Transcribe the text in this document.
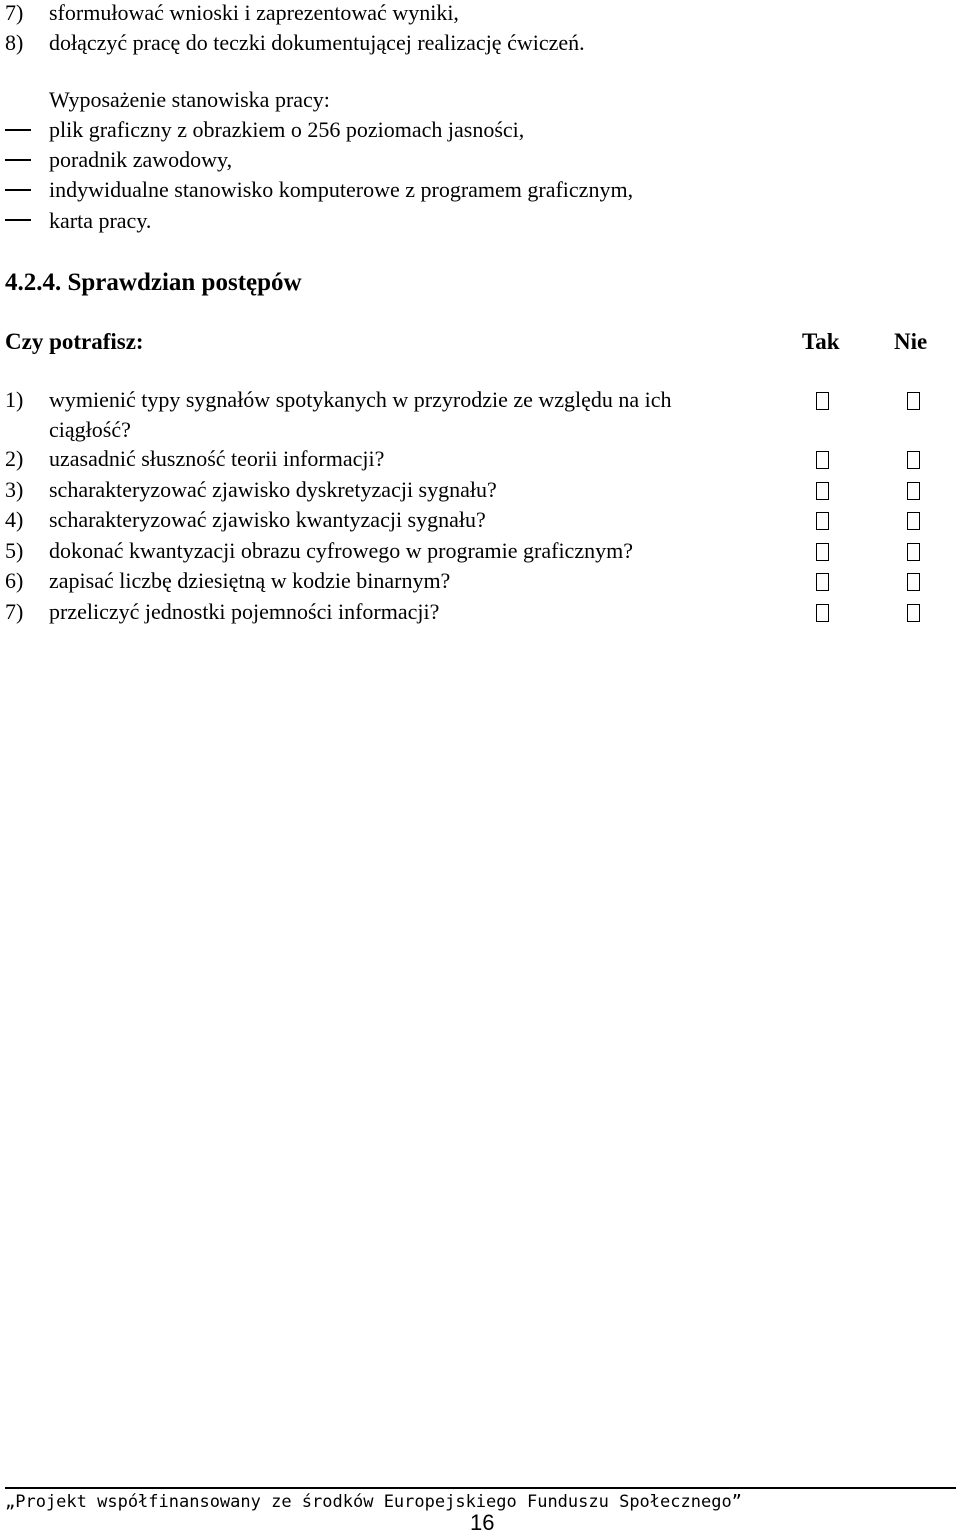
7) sformułować wnioski i zaprezentować wyniki,
8) dołączyć pracę do teczki dokumentującej realizację ćwiczeń.
Wyposażenie stanowiska pracy:
plik graficzny z obrazkiem o 256 poziomach jasności,
poradnik zawodowy,
indywidualne stanowisko komputerowe z programem graficznym,
karta pracy.
4.2.4. Sprawdzian postępów
Czy potrafisz:	Tak Nie
1) wymienić typy sygnałów spotykanych w przyrodzie ze względu na ich
ciągłość?
2) uzasadnić słuszność teorii informacji?
3) scharakteryzować zjawisko dyskretyzacji sygnału?
4) scharakteryzować zjawisko kwantyzacji sygnału?
5) dokonać kwantyzacji obrazu cyfrowego w programie graficznym?
6) zapisać liczbę dziesiętną w kodzie binarnym?
7) przeliczyć jednostki pojemności informacji?
„Projekt współfinansowany ze środków Europejskiego Funduszu Społecznego”
16
